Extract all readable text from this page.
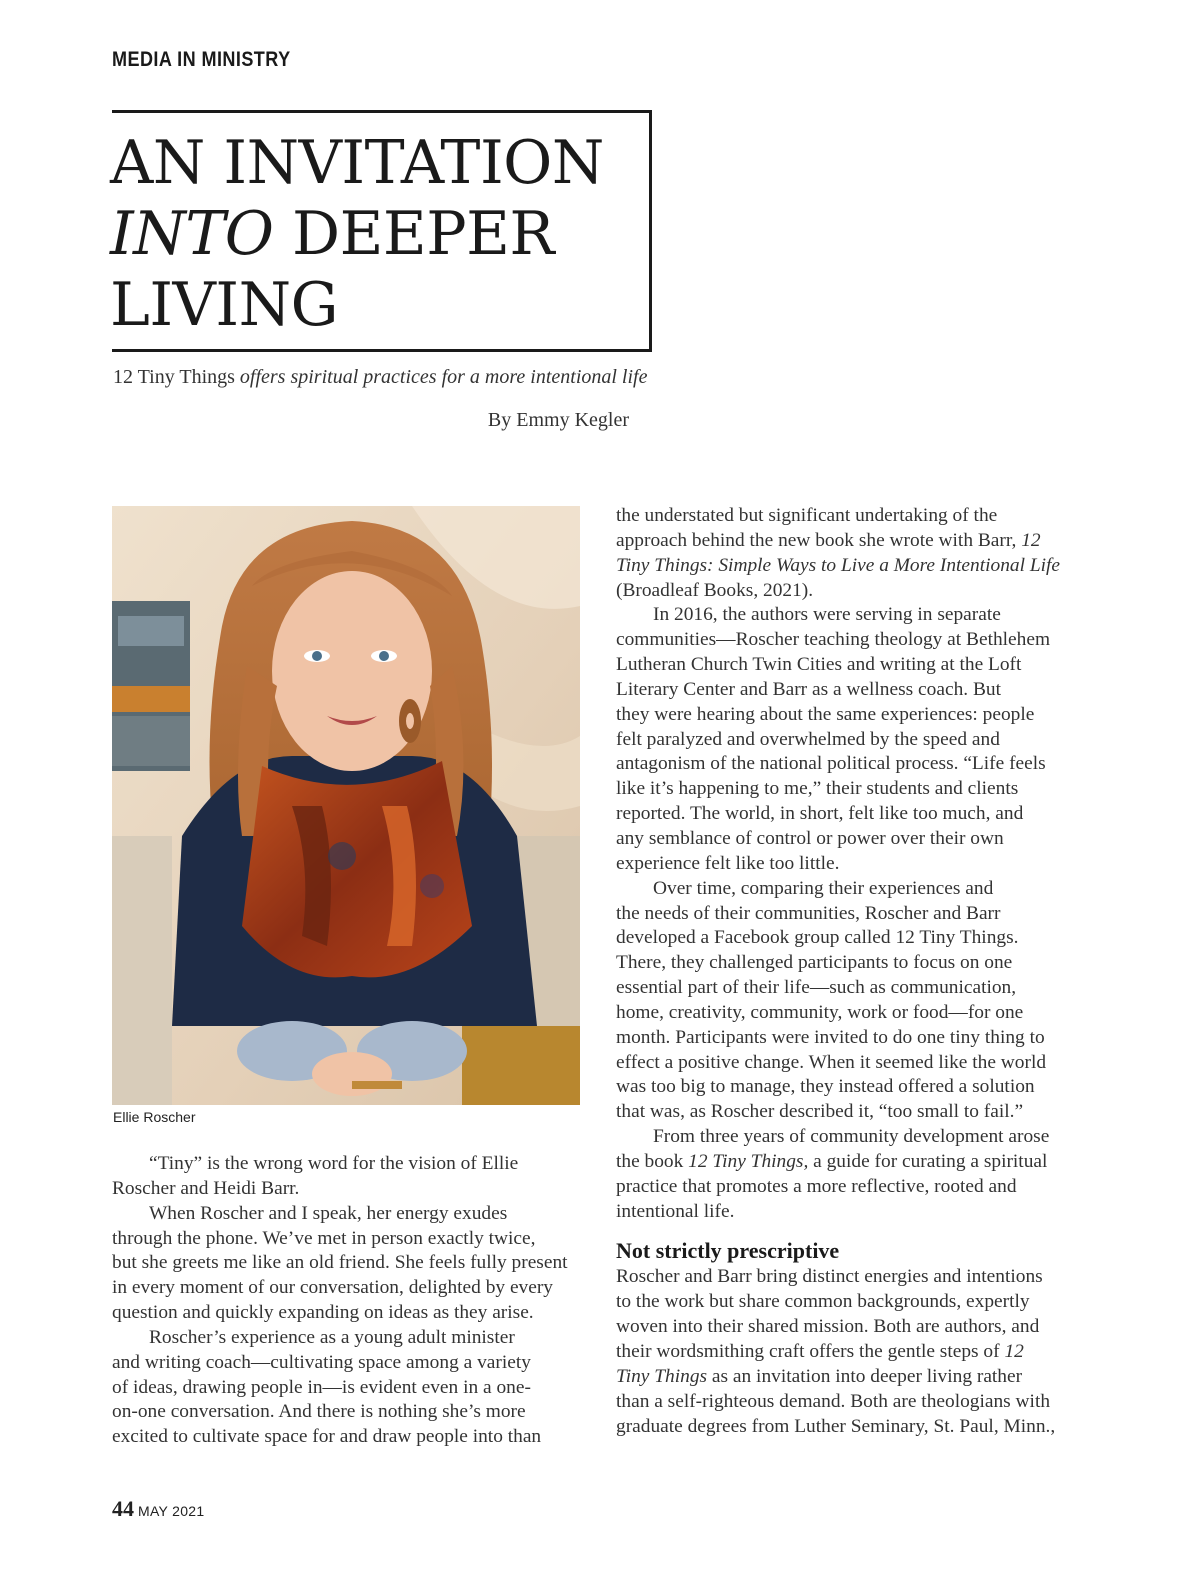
MEDIA IN MINISTRY
AN INVITATION
INTO DEEPER
LIVING
12 Tiny Things offers spiritual practices for a more intentional life
By Emmy Kegler
Ellie Roscher
“Tiny” is the wrong word for the vision of Ellie
Roscher and Heidi Barr.
When Roscher and I speak, her energy exudes
through the phone. We’ve met in person exactly twice,
but she greets me like an old friend. She feels fully present
in every moment of our conversation, delighted by every
question and quickly expanding on ideas as they arise.
Roscher’s experience as a young adult minister
and writing coach—cultivating space among a variety
of ideas, drawing people in—is evident even in a one-
on-one conversation. And there is nothing she’s more
excited to cultivate space for and draw people into than
the understated but significant undertaking of the
approach behind the new book she wrote with Barr, 12
Tiny Things: Simple Ways to Live a More Intentional Life
(Broadleaf Books, 2021).
In 2016, the authors were serving in separate
communities—Roscher teaching theology at Bethlehem
Lutheran Church Twin Cities and writing at the Loft
Literary Center and Barr as a wellness coach. But
they were hearing about the same experiences: people
felt paralyzed and overwhelmed by the speed and
antagonism of the national political process. “Life feels
like it’s happening to me,” their students and clients
reported. The world, in short, felt like too much, and
any semblance of control or power over their own
experience felt like too little.
Over time, comparing their experiences and
the needs of their communities, Roscher and Barr
developed a Facebook group called 12 Tiny Things.
There, they challenged participants to focus on one
essential part of their life—such as communication,
home, creativity, community, work or food—for one
month. Participants were invited to do one tiny thing to
effect a positive change. When it seemed like the world
was too big to manage, they instead offered a solution
that was, as Roscher described it, “too small to fail.”
From three years of community development arose
the book 12 Tiny Things, a guide for curating a spiritual
practice that promotes a more reflective, rooted and
intentional life.
Not strictly prescriptive
Roscher and Barr bring distinct energies and intentions
to the work but share common backgrounds, expertly
woven into their shared mission. Both are authors, and
their wordsmithing craft offers the gentle steps of 12
Tiny Things as an invitation into deeper living rather
than a self-righteous demand. Both are theologians with
graduate degrees from Luther Seminary, St. Paul, Minn.,
44 MAY 2021
